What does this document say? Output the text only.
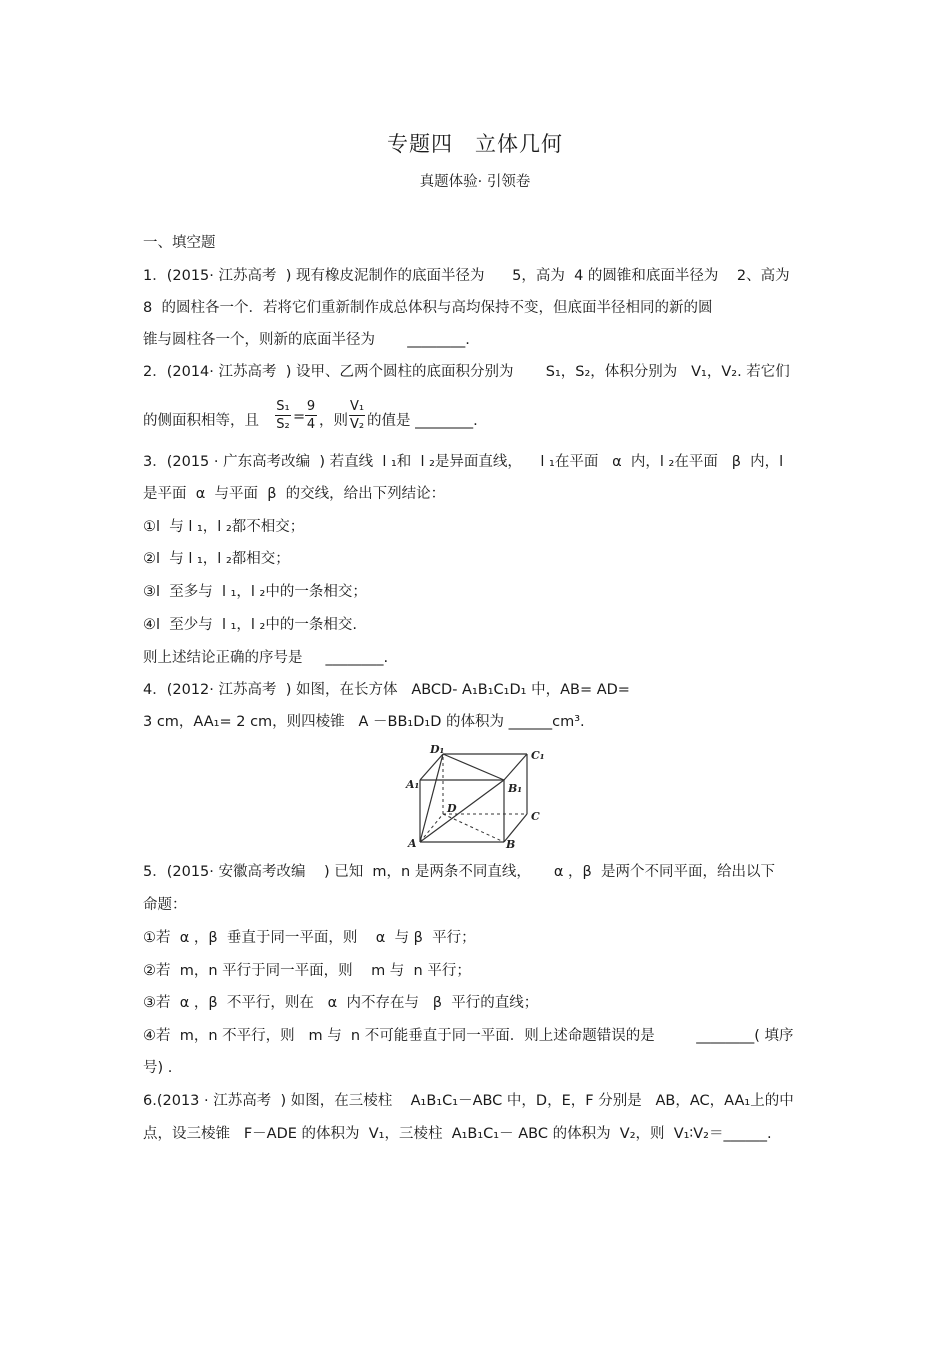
专题四　立体几何
真题体验· 引领卷
一、填空题
1．(2015· 江苏高考  ) 现有橡皮泥制作的底面半径为      5，高为  4 的圆锥和底面半径为    2、高为
8  的圆柱各一个．若将它们重新制作成总体积与高均保持不变，但底面半径相同的新的圆
锥与圆柱各一个，则新的底面半径为       ________.
2．(2014· 江苏高考  ) 设甲、乙两个圆柱的底面积分别为       S₁，S₂，体积分别为   V₁，V₂. 若它们
的侧面积相等，且 $\frac{\text{S₁}}{\text{S₂}} = \frac{9}{4}$ ，则 $\frac{\text{V₁}}{\text{V₂}}$ 的值是 ________.
3．(2015 · 广东高考改编  ) 若直线  l ₁和  l ₂是异面直线，    l ₁在平面   α  内，l ₂在平面   β  内，l
是平面  α  与平面  β  的交线，给出下列结论：
①l  与 l ₁，l ₂都不相交；
②l  与 l ₁，l ₂都相交；
③l  至多与  l ₁，l ₂中的一条相交；
④l  至少与  l ₁，l ₂中的一条相交.
则上述结论正确的序号是     ________.
4．(2012· 江苏高考  ) 如图，在长方体   ABCD- A₁B₁C₁D₁ 中，AB= AD=
3 cm，AA₁= 2 cm，则四棱锥   A －BB₁D₁D 的体积为 ______cm³.
D₁	C₁
A₁	B₁
D
C
A	B
5．(2015· 安徽高考改编    ) 已知  m，n 是两条不同直线，     α ，β  是两个不同平面，给出以下
命题：
①若  α ，β  垂直于同一平面，则    α  与 β  平行；
②若  m，n 平行于同一平面，则    m 与  n 平行；
③若  α ，β  不平行，则在   α  内不存在与   β  平行的直线；
④若  m，n 不平行，则   m 与  n 不可能垂直于同一平面．则上述命题错误的是         ________( 填序
号) .
6.(2013 · 江苏高考  ) 如图，在三棱柱    A₁B₁C₁－ABC 中，D，E，F 分别是   AB，AC，AA₁上的中
点，设三棱锥   F－ADE 的体积为  V₁，三棱柱  A₁B₁C₁－ ABC 的体积为  V₂，则  V₁∶V₂＝______.
